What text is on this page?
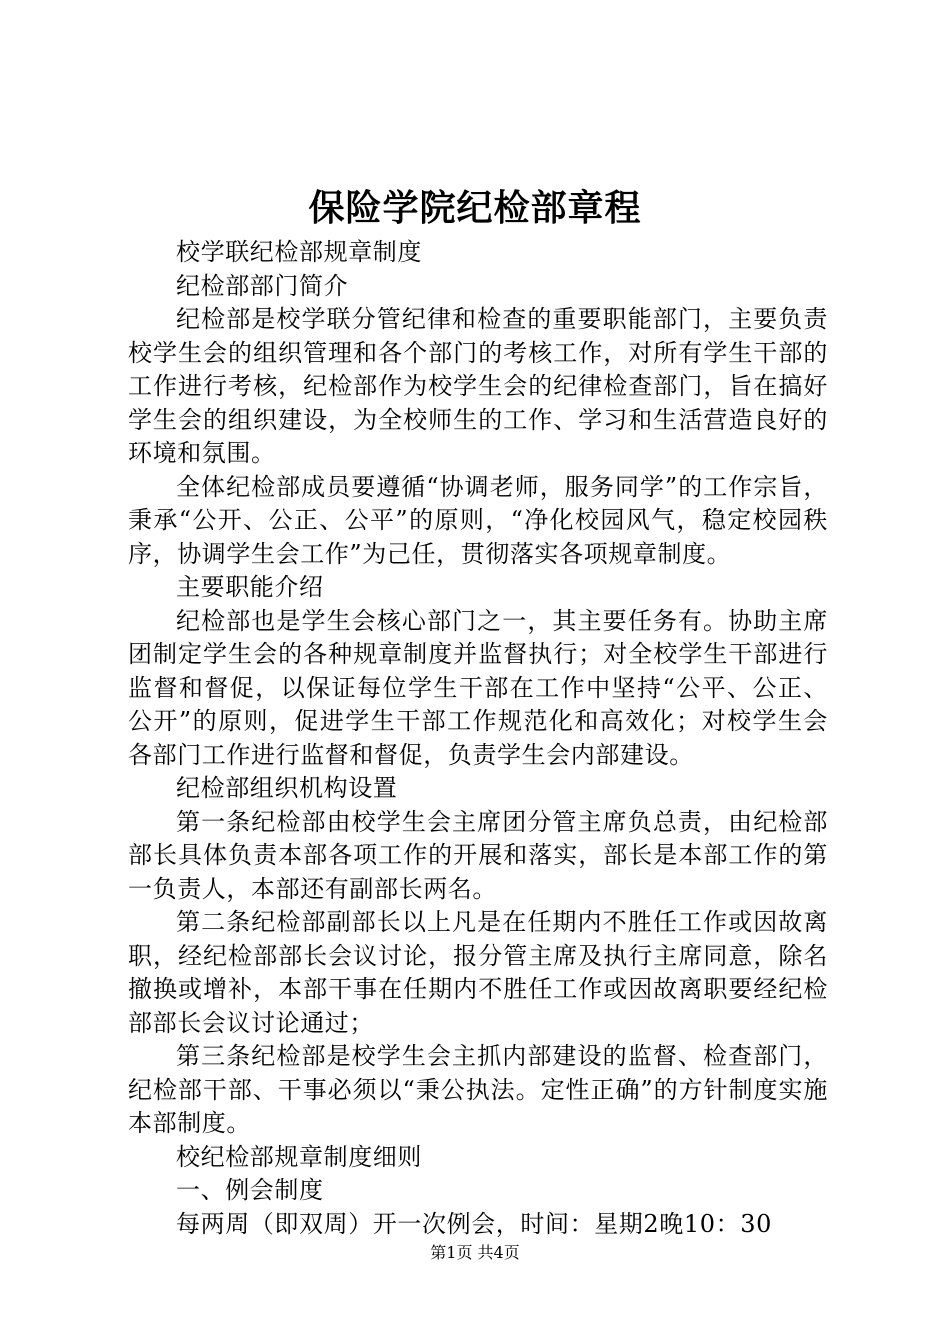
保险学院纪检部章程

校学联纪检部规章制度

纪检部部门简介

纪检部是校学联分管纪律和检查的重要职能部门，主要负责校学生会的组织管理和各个部门的考核工作，对所有学生干部的工作进行考核，纪检部作为校学生会的纪律检查部门，旨在搞好学生会的组织建设，为全校师生的工作、学习和生活营造良好的环境和氛围。

全体纪检部成员要遵循“协调老师，服务同学”的工作宗旨，秉承“公开、公正、公平”的原则，“净化校园风气，稳定校园秩序，协调学生会工作”为己任，贯彻落实各项规章制度。

主要职能介绍

纪检部也是学生会核心部门之一，其主要任务有。协助主席团制定学生会的各种规章制度并监督执行；对全校学生干部进行监督和督促，以保证每位学生干部在工作中坚持“公平、公正、公开”的原则，促进学生干部工作规范化和高效化；对校学生会各部门工作进行监督和督促，负责学生会内部建设。

纪检部组织机构设置

第一条纪检部由校学生会主席团分管主席负总责，由纪检部部长具体负责本部各项工作的开展和落实，部长是本部工作的第一负责人，本部还有副部长两名。

第二条纪检部副部长以上凡是在任期内不胜任工作或因故离职，经纪检部部长会议讨论，报分管主席及执行主席同意，除名撤换或增补，本部干事在任期内不胜任工作或因故离职要经纪检部部长会议讨论通过；

第三条纪检部是校学生会主抓内部建设的监督、检查部门，纪检部干部、干事必须以“秉公执法。定性正确”的方针制度实施本部制度。

校纪检部规章制度细则

一、例会制度

每两周（即双周）开一次例会，时间：星期2晚10：30

第1页 共4页
